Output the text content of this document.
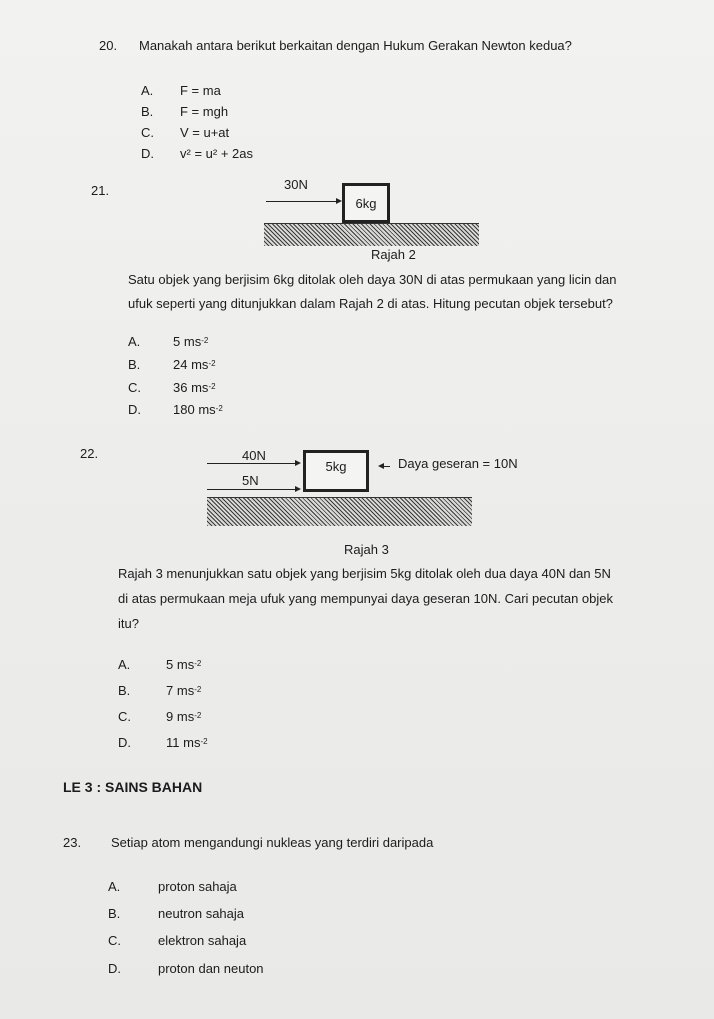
20. Manakah antara berikut berkaitan dengan Hukum Gerakan Newton kedua?
A. F = ma
B. F = mgh
C. V = u+at
D. v² = u² + 2as
21.	30N
6kg
Rajah 2
Satu objek yang berjisim 6kg ditolak oleh daya 30N di atas permukaan yang licin dan
ufuk seperti yang ditunjukkan dalam Rajah 2 di atas. Hitung pecutan objek tersebut?
A.	5 $ms^{-2}$
B.	24 $ms^{-2}$
C. 36 $ms^{-2}$
D. 180 $ms^{-2}$
22.	40N
5N
5kg	Daya geseran = 10N
Rajah 3
Rajah 3 menunjukkan satu objek yang berjisim 5kg ditolak oleh dua daya 40N dan 5N
di atas permukaan meja ufuk yang mempunyai daya geseran 10N. Cari pecutan objek
itu?
A.	5 $ms^{-2}$
B.	7 $ms^{-2}$
C.	9 $ms^{-2}$
D.	11 $ms^{-2}$
LE 3 : SAINS BAHAN
23. Setiap atom mengandungi nukleas yang terdiri daripada
A.	proton sahaja
B.	neutron sahaja
C.	elektron sahaja
D.	proton dan neuton
